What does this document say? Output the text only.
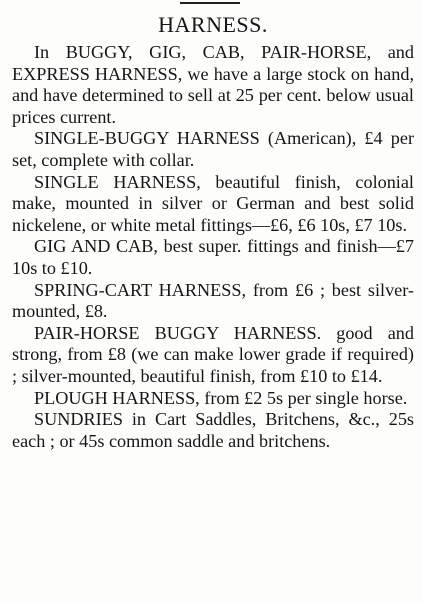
HARNESS.

In BUGGY, GIG, CAB, PAIR-HORSE, and EXPRESS HARNESS, we have a large stock on hand, and have determined to sell at 25 per cent. below usual prices current.

SINGLE-BUGGY HARNESS (American), £4 per set, complete with collar.

SINGLE HARNESS, beautiful finish, colonial make, mounted in silver or German and best solid nickelene, or white metal fittings—£6, £6 10s, £7 10s.

GIG AND CAB, best super. fittings and finish—£7 10s to £10.

SPRING-CART HARNESS, from £6 ; best silver-mounted, £8.

PAIR-HORSE BUGGY HARNESS. good and strong, from £8 (we can make lower grade if required) ; silver-mounted, beautiful finish, from £10 to £14.

PLOUGH HARNESS, from £2 5s per single horse.

SUNDRIES in Cart Saddles, Britchens, &c., 25s each ; or 45s common saddle and britchens.
